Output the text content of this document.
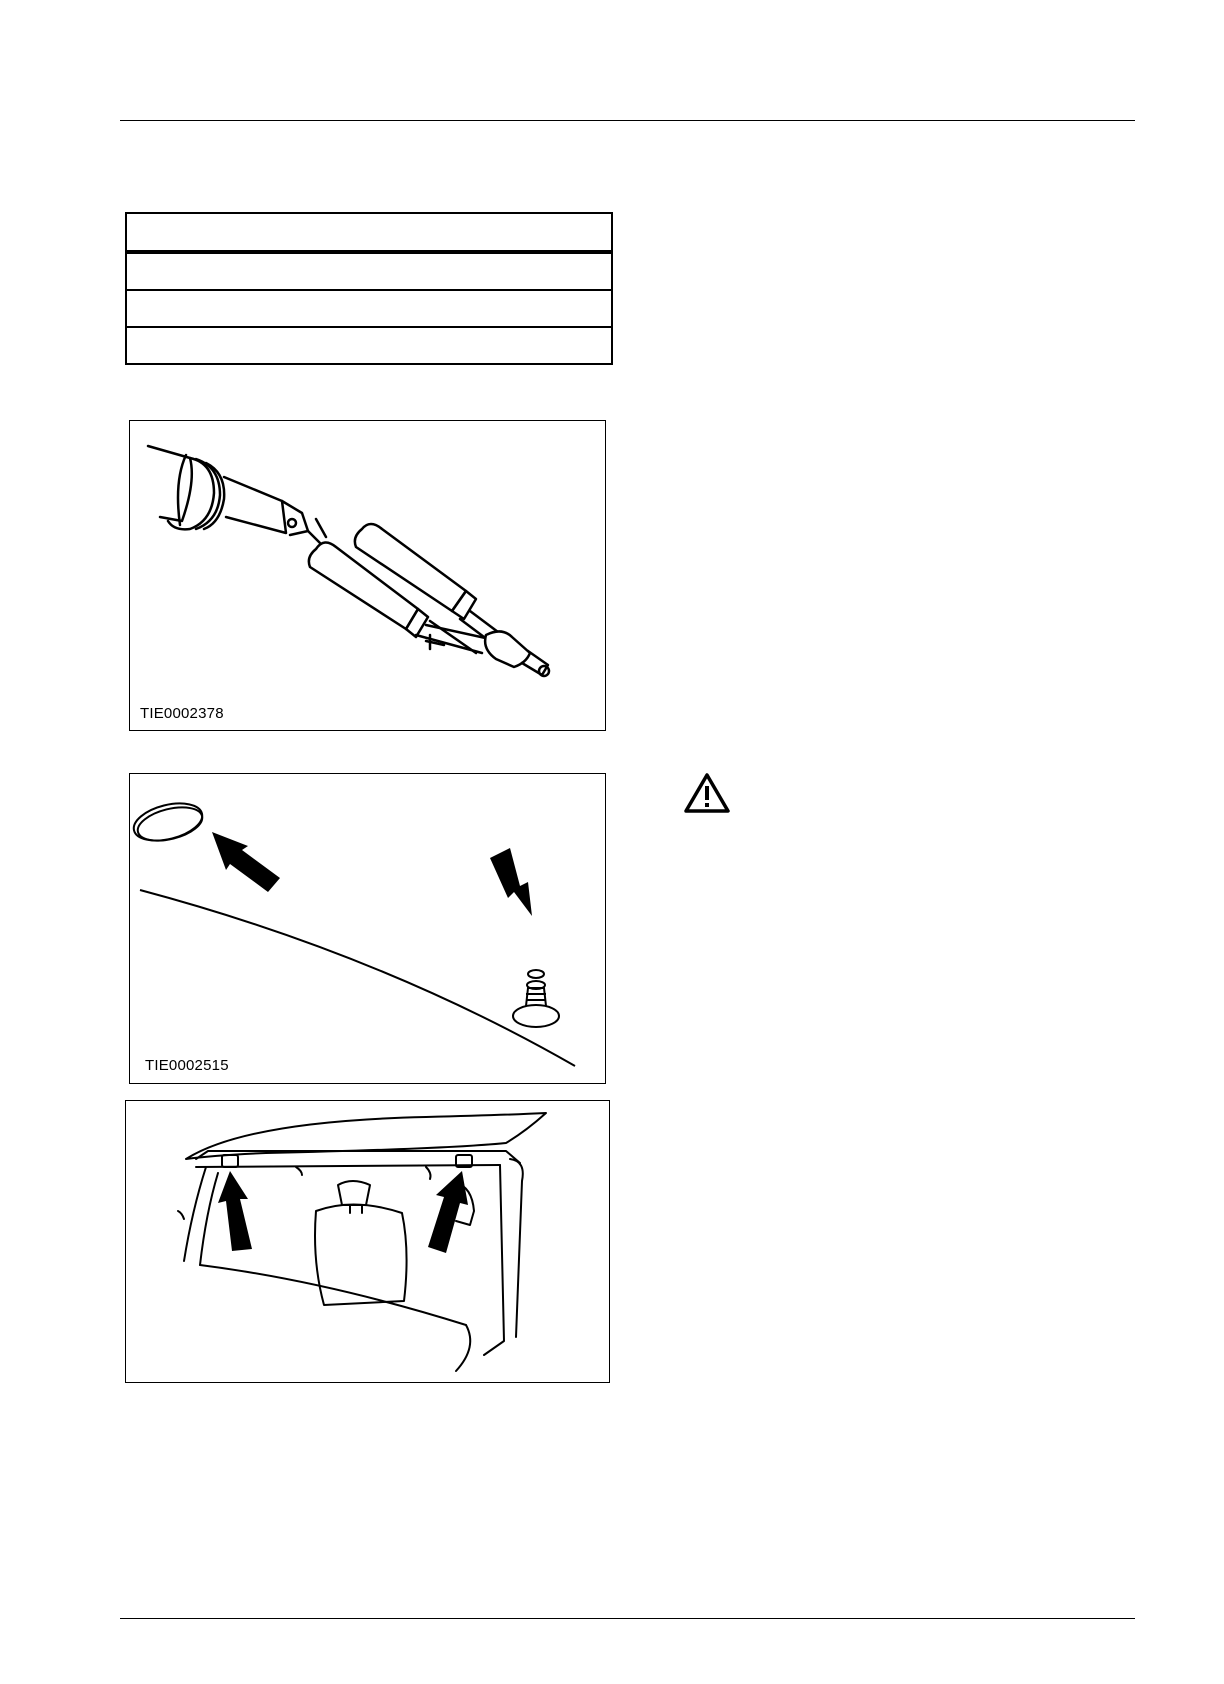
TIE0002378
TIE0002515
